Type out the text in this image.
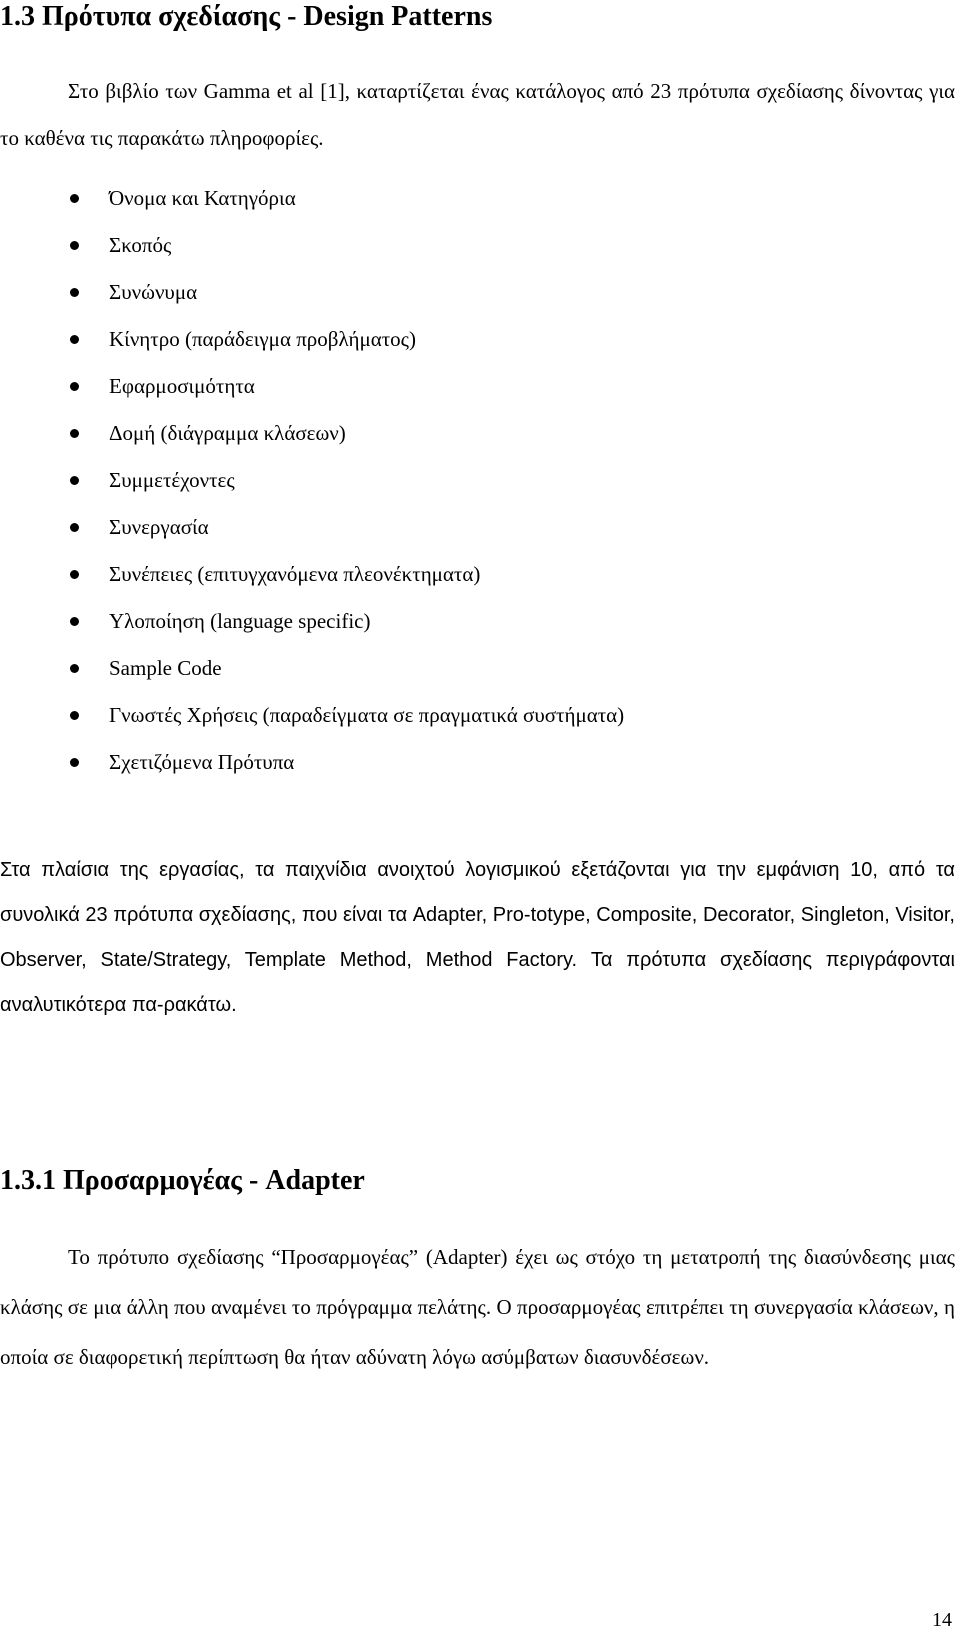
1.3 Πρότυπα σχεδίασης - Design Patterns
Στο βιβλίο των Gamma et al [1], καταρτίζεται ένας κατάλογος από 23 πρότυπα σχεδίασης δίνοντας για το καθένα τις παρακάτω πληροφορίες.
Όνομα και Κατηγόρια
Σκοπός
Συνώνυμα
Κίνητρο (παράδειγμα προβλήματος)
Εφαρμοσιμότητα
Δομή (διάγραμμα κλάσεων)
Συμμετέχοντες
Συνεργασία
Συνέπειες (επιτυγχανόμενα πλεονέκτηματα)
Υλοποίηση (language specific)
Sample Code
Γνωστές Χρήσεις (παραδείγματα σε πραγματικά συστήματα)
Σχετιζόμενα Πρότυπα
Στα πλαίσια της εργασίας, τα παιχνίδια ανοιχτού λογισμικού εξετάζονται για την εμφάνιση 10, από τα συνολικά 23 πρότυπα σχεδίασης, που είναι τα Adapter, Pro-totype, Composite, Decorator, Singleton, Visitor, Observer, State/Strategy, Template Method, Method Factory. Τα πρότυπα σχεδίασης περιγράφονται αναλυτικότερα πα-ρακάτω.
1.3.1 Προσαρμογέας - Adapter
Το πρότυπο σχεδίασης “Προσαρμογέας” (Adapter) έχει ως στόχο τη μετατροπή της διασύνδεσης μιας κλάσης σε μια άλλη που αναμένει το πρόγραμμα πελάτης. Ο προσαρμογέας επιτρέπει τη συνεργασία κλάσεων, η οποία σε διαφορετική περίπτωση θα ήταν αδύνατη λόγω ασύμβατων διασυνδέσεων.
14
